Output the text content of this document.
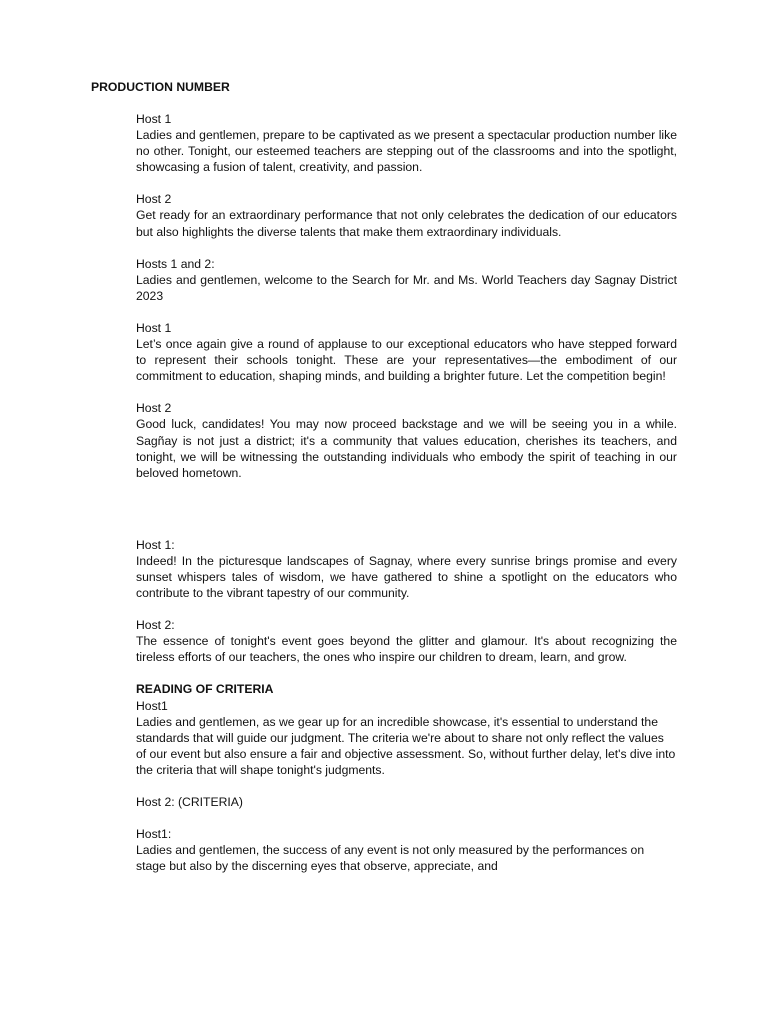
PRODUCTION NUMBER
Host 1
Ladies and gentlemen, prepare to be captivated as we present a spectacular production number like no other. Tonight, our esteemed teachers are stepping out of the classrooms and into the spotlight, showcasing a fusion of talent, creativity, and passion.
Host 2
Get ready for an extraordinary performance that not only celebrates the dedication of our educators but also highlights the diverse talents that make them extraordinary individuals.
Hosts 1 and 2:
Ladies and gentlemen, welcome to the Search for Mr. and Ms. World Teachers day Sagnay District 2023
Host 1
Let’s once again give a round of applause to our exceptional educators who have stepped forward to represent their schools tonight. These are your representatives—the embodiment of our commitment to education, shaping minds, and building a brighter future. Let the competition begin!
Host 2
Good luck, candidates! You may now proceed backstage and we will be seeing you in a while. Sagñay is not just a district; it's a community that values education, cherishes its teachers, and tonight, we will be witnessing the outstanding individuals who embody the spirit of teaching in our beloved hometown.
Host 1:
Indeed! In the picturesque landscapes of Sagnay, where every sunrise brings promise and every sunset whispers tales of wisdom, we have gathered to shine a spotlight on the educators who contribute to the vibrant tapestry of our community.
Host 2:
The essence of tonight's event goes beyond the glitter and glamour. It's about recognizing the tireless efforts of our teachers, the ones who inspire our children to dream, learn, and grow.
READING OF CRITERIA
Host1
Ladies and gentlemen, as we gear up for an incredible showcase, it's essential to understand the standards that will guide our judgment. The criteria we're about to share not only reflect the values of our event but also ensure a fair and objective assessment. So, without further delay, let's dive into the criteria that will shape tonight's judgments.
Host 2: (CRITERIA)
Host1:
Ladies and gentlemen, the success of any event is not only measured by the performances on stage but also by the discerning eyes that observe, appreciate, and
